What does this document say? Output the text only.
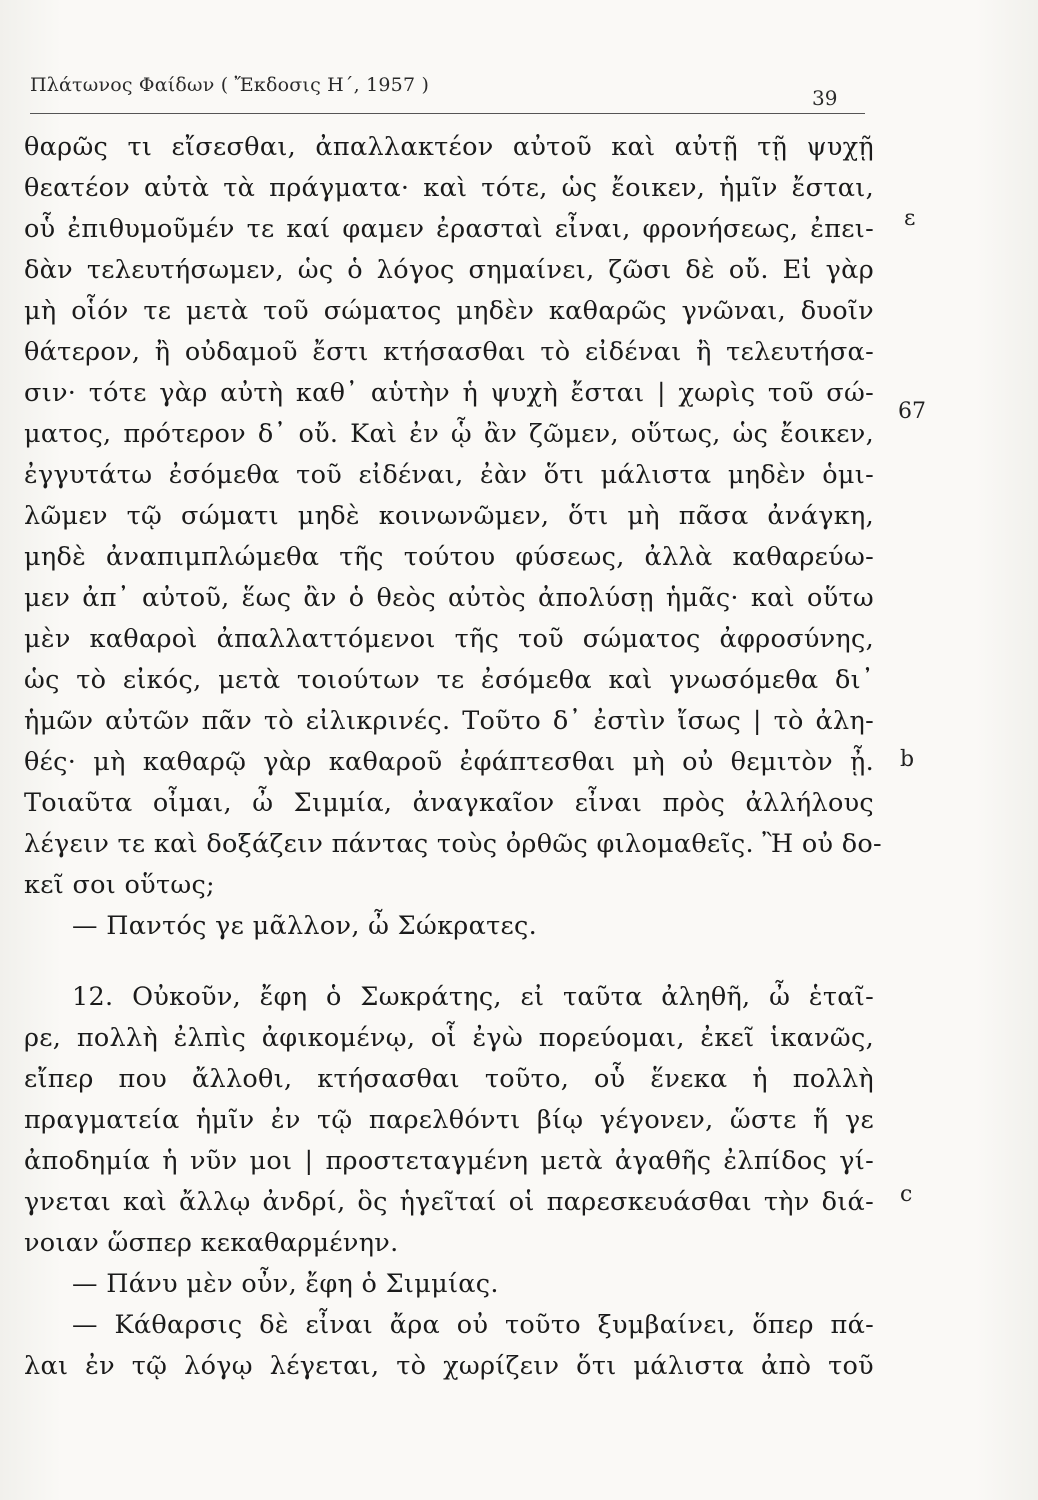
Πλάτωνος Φαίδων ( Ἔκδοσις Η΄, 1957 )
39
θαρῶς τι εἴσεσθαι, ἀπαλλακτέον αὐτοῦ καὶ αὐτῇ τῇ ψυχῇ
θεατέον αὐτὰ τὰ πράγματα· καὶ τότε, ὡς ἔοικεν, ἡμῖν ἔσται,
οὗ ἐπιθυμοῦμέν τε καί φαμεν ἐρασταὶ εἶναι, φρονήσεως, ἐπει-
δὰν τελευτήσωμεν, ὡς ὁ λόγος σημαίνει, ζῶσι δὲ οὔ. Εἰ γὰρ
μὴ οἷόν τε μετὰ τοῦ σώματος μηδὲν καθαρῶς γνῶναι, δυοῖν
θάτερον, ἢ οὐδαμοῦ ἔστι κτήσασθαι τὸ εἰδέναι ἢ τελευτήσα-
σιν· τότε γὰρ αὐτὴ καθ᾽ αὑτὴν ἡ ψυχὴ ἔσται | χωρὶς τοῦ σώ-
ματος, πρότερον δ᾽ οὔ. Καὶ ἐν ᾧ ἂν ζῶμεν, οὕτως, ὡς ἔοικεν,
ἐγγυτάτω ἐσόμεθα τοῦ εἰδέναι, ἐὰν ὅτι μάλιστα μηδὲν ὁμι-
λῶμεν τῷ σώματι μηδὲ κοινωνῶμεν, ὅτι μὴ πᾶσα ἀνάγκη,
μηδὲ ἀναπιμπλώμεθα τῆς τούτου φύσεως, ἀλλὰ καθαρεύω-
μεν ἀπ᾽ αὐτοῦ, ἕως ἂν ὁ θεὸς αὐτὸς ἀπολύσῃ ἡμᾶς· καὶ οὕτω
μὲν καθαροὶ ἀπαλλαττόμενοι τῆς τοῦ σώματος ἀφροσύνης,
ὡς τὸ εἰκός, μετὰ τοιούτων τε ἐσόμεθα καὶ γνωσόμεθα δι᾽
ἡμῶν αὐτῶν πᾶν τὸ εἰλικρινές. Τοῦτο δ᾽ ἐστὶν ἴσως | τὸ ἀλη-
θές· μὴ καθαρῷ γὰρ καθαροῦ ἐφάπτεσθαι μὴ οὐ θεμιτὸν ᾖ.
Τοιαῦτα οἶμαι, ὦ Σιμμία, ἀναγκαῖον εἶναι πρὸς ἀλλήλους
λέγειν τε καὶ δοξάζειν πάντας τοὺς ὀρθῶς φιλομαθεῖς. Ἢ οὐ δο-
κεῖ σοι οὕτως;
— Παντός γε μᾶλλον, ὦ Σώκρατες.
12. Οὐκοῦν, ἔφη ὁ Σωκράτης, εἰ ταῦτα ἀληθῆ, ὦ ἑταῖ-
ρε, πολλὴ ἐλπὶς ἀφικομένῳ, οἷ ἐγὼ πορεύομαι, ἐκεῖ ἱκανῶς,
εἴπερ που ἄλλοθι, κτήσασθαι τοῦτο, οὗ ἕνεκα ἡ πολλὴ
πραγματεία ἡμῖν ἐν τῷ παρελθόντι βίῳ γέγονεν, ὥστε ἥ γε
ἀποδημία ἡ νῦν μοι | προστεταγμένη μετὰ ἀγαθῆς ἐλπίδος γί-
γνεται καὶ ἄλλῳ ἀνδρί, ὃς ἡγεῖταί οἱ παρεσκευάσθαι τὴν διά-
νοιαν ὥσπερ κεκαθαρμένην.
— Πάνυ μὲν οὖν, ἔφη ὁ Σιμμίας.
— Κάθαρσις δὲ εἶναι ἄρα οὐ τοῦτο ξυμβαίνει, ὅπερ πά-
λαι ἐν τῷ λόγῳ λέγεται, τὸ χωρίζειν ὅτι μάλιστα ἀπὸ τοῦ
ε
67
b
c
